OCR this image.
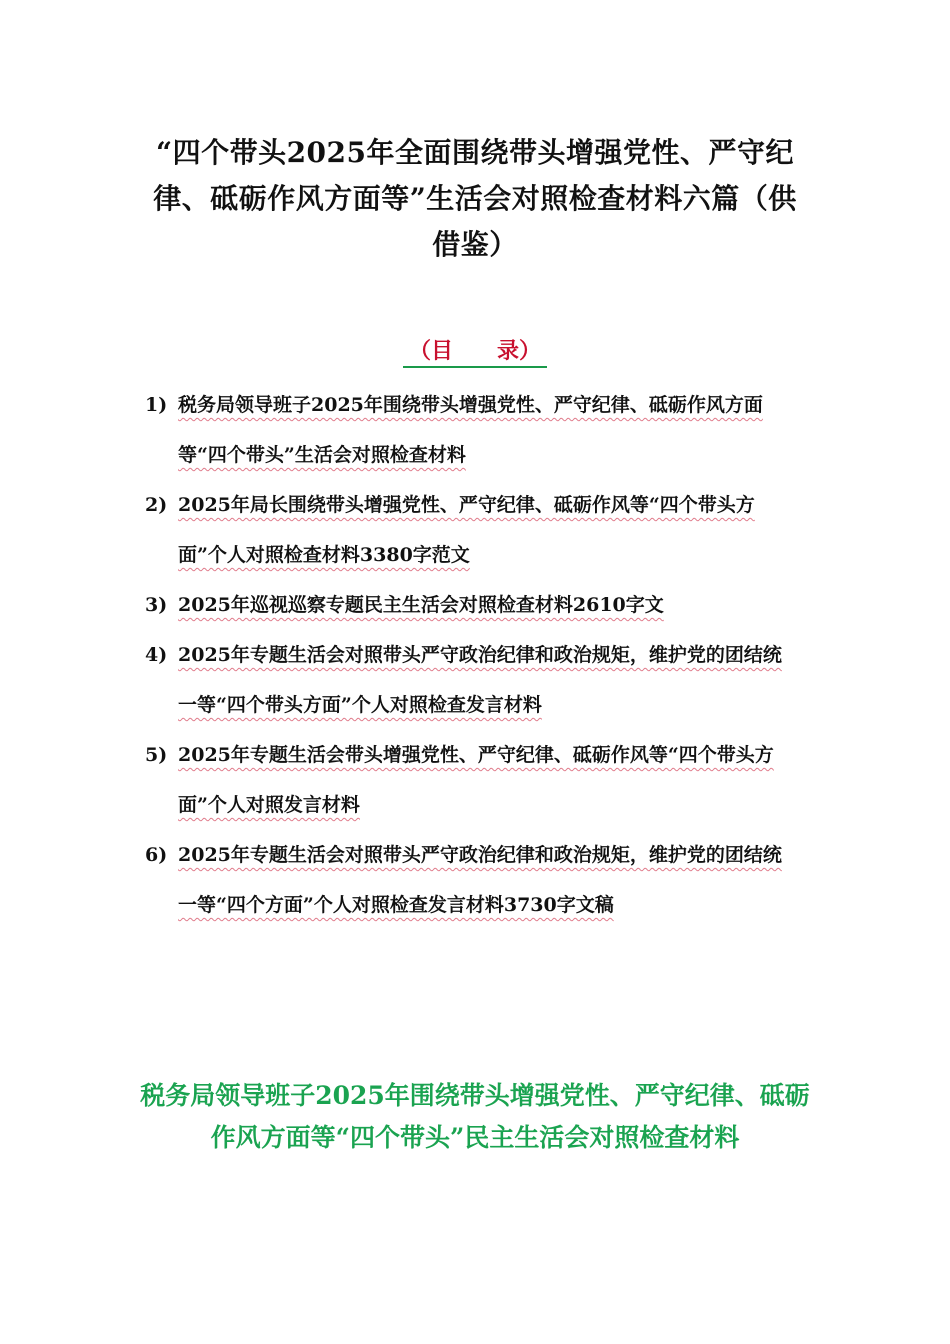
“四个带头2025年全面围绕带头增强党性、严守纪律、砥砺作风方面等”生活会对照检查材料六篇（供借鉴）
（目　　录）
1) 税务局领导班子2025年围绕带头增强党性、严守纪律、砥砺作风方面等“四个带头”生活会对照检查材料
2) 2025年局长围绕带头增强党性、严守纪律、砥砺作风等“四个带头方面”个人对照检查材料3380字范文
3) 2025年巡视巡察专题民主生活会对照检查材料2610字文
4) 2025年专题生活会对照带头严守政治纪律和政治规矩，维护党的团结统一等“四个带头方面”个人对照检查发言材料
5) 2025年专题生活会带头增强党性、严守纪律、砥砺作风等“四个带头方面”个人对照发言材料
6) 2025年专题生活会对照带头严守政治纪律和政治规矩，维护党的团结统一等“四个方面”个人对照检查发言材料3730字文稿
税务局领导班子2025年围绕带头增强党性、严守纪律、砥砺作风方面等“四个带头”民主生活会对照检查材料
